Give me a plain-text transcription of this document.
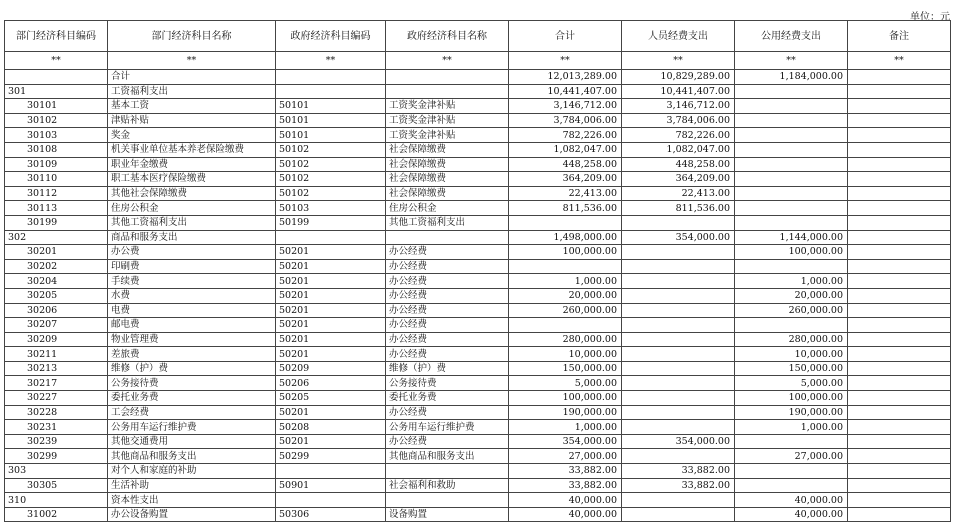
单位：元
部门经济科目编码	部门经济科目名称	政府经济科目编码	政府经济科目名称	合计	人员经费支出	公用经费支出	备注
**	**	**	**	**	**	**	**
	合计			12,013,289.00	10,829,289.00	1,184,000.00	
301	工资福利支出			10,441,407.00	10,441,407.00		
30101	基本工资	50101	工资奖金津补贴	3,146,712.00	3,146,712.00		
30102	津贴补贴	50101	工资奖金津补贴	3,784,006.00	3,784,006.00		
30103	奖金	50101	工资奖金津补贴	782,226.00	782,226.00		
30108	机关事业单位基本养老保险缴费	50102	社会保障缴费	1,082,047.00	1,082,047.00		
30109	职业年金缴费	50102	社会保障缴费	448,258.00	448,258.00		
30110	职工基本医疗保险缴费	50102	社会保障缴费	364,209.00	364,209.00		
30112	其他社会保障缴费	50102	社会保障缴费	22,413.00	22,413.00		
30113	住房公积金	50103	住房公积金	811,536.00	811,536.00		
30199	其他工资福利支出	50199	其他工资福利支出				
302	商品和服务支出			1,498,000.00	354,000.00	1,144,000.00	
30201	办公费	50201	办公经费	100,000.00		100,000.00	
30202	印刷费	50201	办公经费				
30204	手续费	50201	办公经费	1,000.00		1,000.00	
30205	水费	50201	办公经费	20,000.00		20,000.00	
30206	电费	50201	办公经费	260,000.00		260,000.00	
30207	邮电费	50201	办公经费				
30209	物业管理费	50201	办公经费	280,000.00		280,000.00	
30211	差旅费	50201	办公经费	10,000.00		10,000.00	
30213	维修（护）费	50209	维修（护）费	150,000.00		150,000.00	
30217	公务接待费	50206	公务接待费	5,000.00		5,000.00	
30227	委托业务费	50205	委托业务费	100,000.00		100,000.00	
30228	工会经费	50201	办公经费	190,000.00		190,000.00	
30231	公务用车运行维护费	50208	公务用车运行维护费	1,000.00		1,000.00	
30239	其他交通费用	50201	办公经费	354,000.00	354,000.00		
30299	其他商品和服务支出	50299	其他商品和服务支出	27,000.00		27,000.00	
303	对个人和家庭的补助			33,882.00	33,882.00		
30305	生活补助	50901	社会福利和救助	33,882.00	33,882.00		
310	资本性支出			40,000.00		40,000.00	
31002	办公设备购置	50306	设备购置	40,000.00		40,000.00	
